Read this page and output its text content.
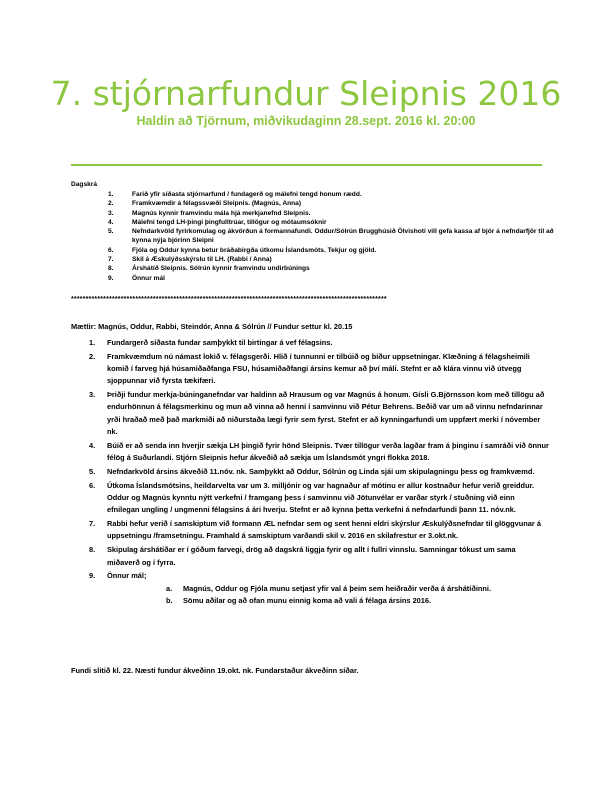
7. stjórnarfundur Sleipnis 2016
Haldin að Tjörnum, miðvikudaginn 28.sept. 2016 kl. 20:00
Dagskrá
1.	Farið yfir síðasta stjórnarfund / fundagerð og málefni tengd honum rædd.
2.	Framkvæmdir á félagssvæði Sleipnis. (Magnús, Anna)
3.	Magnús kynnir framvindu mála hjá merkjanefnd Sleipnis.
4.	Málefni tengd LH-þingi þingfulltrúar, tillögur og mótaumsóknir
5.	Nefndarkvöld fyrirkomulag og ákvörðun á formannafundi. Oddur/Sólrún Brugghúsið Ölvishoti vill gefa kassa af bjór á nefndarfjör til að kynna nýja bjórinn Sleipni
6.	Fjóla og Oddur kynna betur bráðabirgða útkomu Íslandsmóts. Tekjur og gjöld.
7.	Skil á Æskulýðsskýrslu til LH. (Rabbi / Anna)
8.	Árshátíð Sleipnis. Sólrún kynnir framvindu undirbúnings
9.	Önnur mál
************************************************************************************************************
Mættir: Magnús, Oddur, Rabbi, Steindór, Anna & Sólrún // Fundur settur kl. 20.15
1. Fundargerð síðasta fundar samþykkt til birtingar á vef félagsins.
2. Framkvæmdum nú námast lokið v. félagsgerði. Hlið í tunnunni er tilbúið og bíður uppsetningar. Klæðning á félagsheimili komið í farveg hjá húsamiðaðfanga FSU, húsamiðaðfangi ársins kemur að því máli. Stefnt er að klára vinnu við útvegg sjoppunnar við fyrsta tækifæri.
3. Þriðji fundur merkja-búninganefndar var haldinn að Hrausum og var Magnús á honum. Gísli G.Björnsson kom með tillögu að endurhönnun á félagsmerkinu og mun að vinna að henni í samvinnu við Pétur Behrens. Beðið var um að vinnu nefndarinnar yrði hraðað með það markmiði að niðurstaða lægi fyrir sem fyrst. Stefnt er að kynningarfundi um uppfært merki í nóvember nk.
4. Búið er að senda inn hverjir sækja LH þingið fyrir hönd Sleipnis. Tvær tillögur verða lagðar fram á þinginu í samráði við önnur félög á Suðurlandi. Stjórn Sleipnis hefur ákveðið að sækja um Íslandsmót yngri flokka 2018.
5. Nefndarkvöld ársins ákveðið 11.nóv. nk. Samþykkt að Oddur, Sólrún og Linda sjái um skipulagningu þess og framkvæmd.
6. Útkoma Íslandsmótsins, heildarvelta var um 3. milljónir og var hagnaður af mótinu er allur kostnaður hefur verið greiddur. Oddur og Magnús kynntu nýtt verkefni / framgang þess í samvinnu við Jötunvélar er varðar styrk / stuðning við einn efnilegan ungling / ungmenni félagsins á ári hverju. Stefnt er að kynna þetta verkefni á nefndarfundi þann 11. nóv.nk.
7. Rabbi hefur verið í samskiptum við formann ÆL nefndar sem og sent henni eldri skýrslur Æskulýðsnefndar til glöggvunar á uppsetningu /framsetningu. Framhald á samskiptum varðandi skil v. 2016 en skilafrestur er 3.okt.nk.
8. Skipulag árshátíðar er í góðum farvegi, drög að dagskrá liggja fyrir og allt í fullri vinnslu. Samningar tókust um sama miðaverð og í fyrra.
9. Önnur mál;
a. Magnús, Oddur og Fjóla munu setjast yfir val á þeim sem heiðraðir verða á árshátíðinni.
b. Sömu aðilar og að ofan munu einnig koma að vali á félaga ársins 2016.
Fundi slitið kl. 22. Næsti fundur ákveðinn 19.okt. nk. Fundarstaður ákveðinn síðar.
